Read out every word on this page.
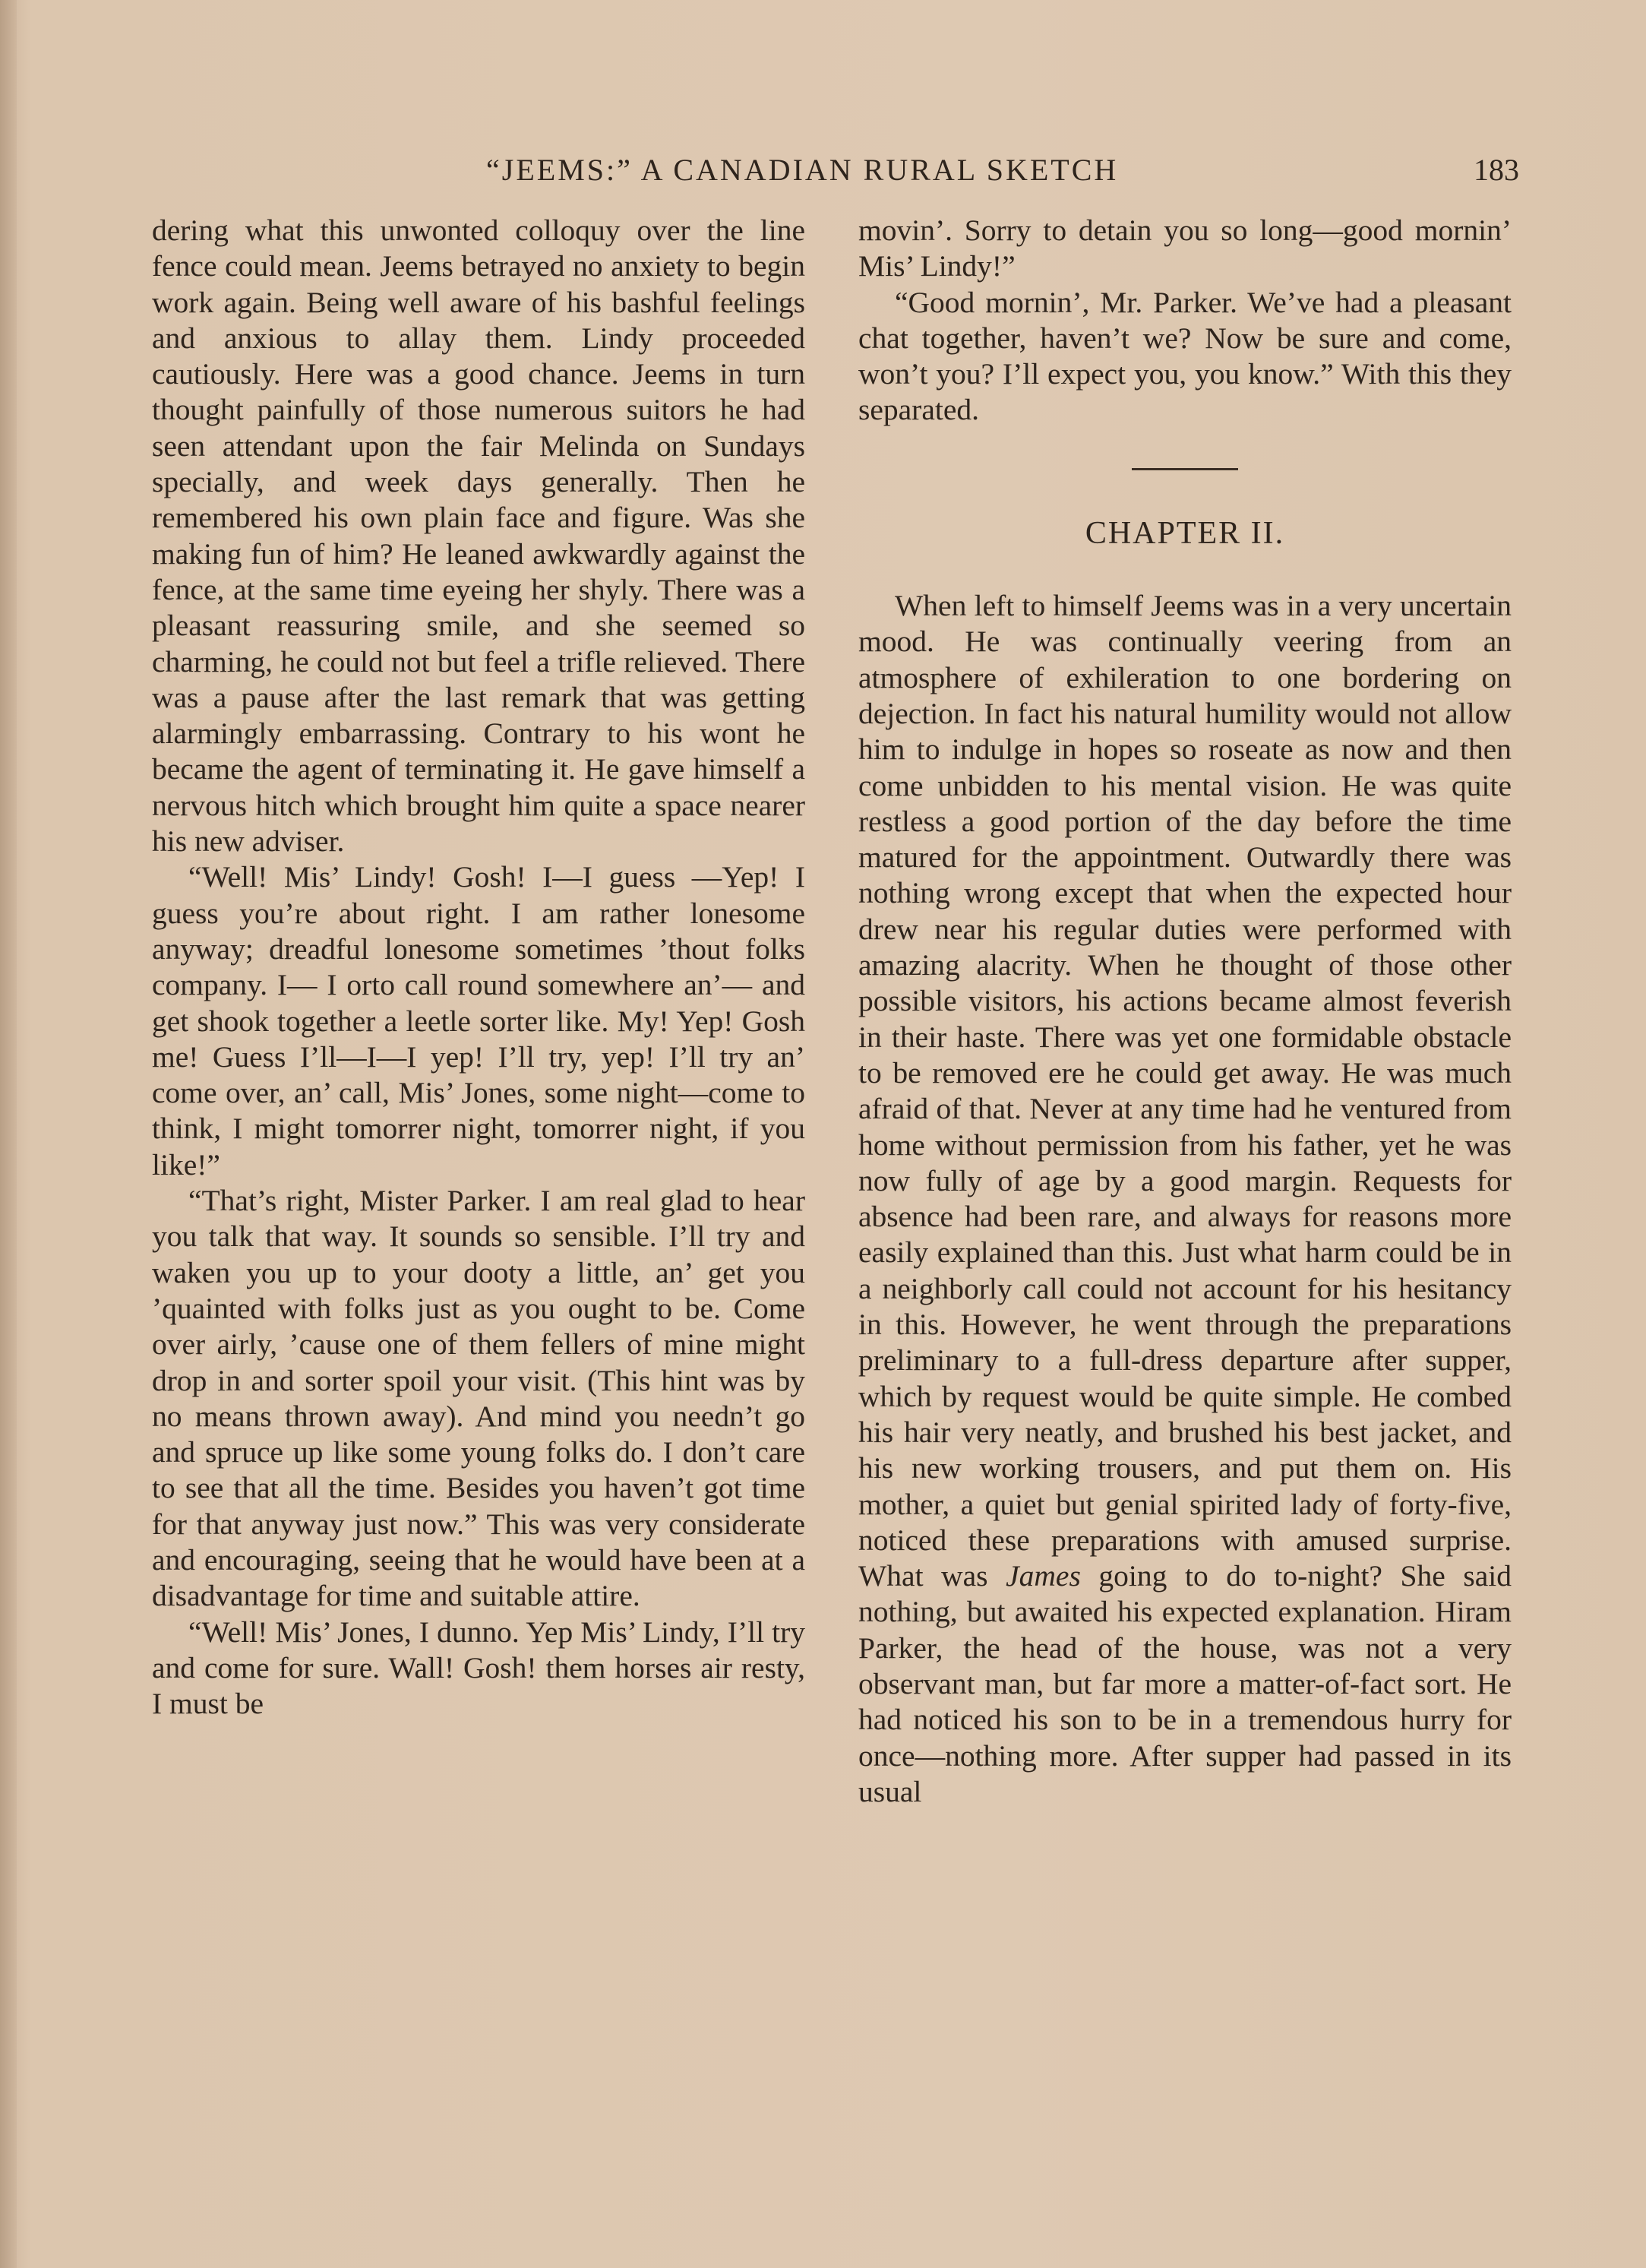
“JEEMS:” A CANADIAN RURAL SKETCH	183

dering what this unwonted colloquy over the line fence could mean. Jeems betrayed no anxiety to begin work again. Being well aware of his bashful feelings and anxious to allay them. Lindy proceeded cautiously. Here was a good chance. Jeems in turn thought painfully of those numerous suitors he had seen attendant upon the fair Melinda on Sundays specially, and week days generally. Then he remembered his own plain face and figure. Was she making fun of him? He leaned awkwardly against the fence, at the same time eyeing her shyly. There was a pleasant reassuring smile, and she seemed so charming, he could not but feel a trifle relieved. There was a pause after the last remark that was getting alarmingly embarrassing. Contrary to his wont he became the agent of terminating it. He gave himself a nervous hitch which brought him quite a space nearer his new adviser.

“Well! Mis’ Lindy! Gosh! I—I guess —Yep! I guess you’re about right. I am rather lonesome anyway; dreadful lonesome sometimes ’thout folks company. I— I orto call round somewhere an’— and get shook together a leetle sorter like. My! Yep! Gosh me! Guess I’ll—I—I yep! I’ll try, yep! I’ll try an’ come over, an’ call, Mis’ Jones, some night—come to think, I might tomorrer night, tomorrer night, if you like!”

“That’s right, Mister Parker. I am real glad to hear you talk that way. It sounds so sensible. I’ll try and waken you up to your dooty a little, an’ get you ’quainted with folks just as you ought to be. Come over airly, ’cause one of them fellers of mine might drop in and sorter spoil your visit. (This hint was by no means thrown away). And mind you needn’t go and spruce up like some young folks do. I don’t care to see that all the time. Besides you haven’t got time for that anyway just now.” This was very considerate and encouraging, seeing that he would have been at a disadvantage for time and suitable attire.

“Well! Mis’ Jones, I dunno. Yep Mis’ Lindy, I’ll try and come for sure. Wall! Gosh! them horses air resty, I must be

movin’. Sorry to detain you so long—good mornin’ Mis’ Lindy!”

“Good mornin’, Mr. Parker. We’ve had a pleasant chat together, haven’t we? Now be sure and come, won’t you? I’ll expect you, you know.” With this they separated.

CHAPTER II.

When left to himself Jeems was in a very uncertain mood. He was continually veering from an atmosphere of exhileration to one bordering on dejection. In fact his natural humility would not allow him to indulge in hopes so roseate as now and then come unbidden to his mental vision. He was quite restless a good portion of the day before the time matured for the appointment. Outwardly there was nothing wrong except that when the expected hour drew near his regular duties were performed with amazing alacrity. When he thought of those other possible visitors, his actions became almost feverish in their haste. There was yet one formidable obstacle to be removed ere he could get away. He was much afraid of that. Never at any time had he ventured from home without permission from his father, yet he was now fully of age by a good margin. Requests for absence had been rare, and always for reasons more easily explained than this. Just what harm could be in a neighborly call could not account for his hesitancy in this. However, he went through the preparations preliminary to a full-dress departure after supper, which by request would be quite simple. He combed his hair very neatly, and brushed his best jacket, and his new working trousers, and put them on. His mother, a quiet but genial spirited lady of forty-five, noticed these preparations with amused surprise. What was James going to do to-night? She said nothing, but awaited his expected explanation. Hiram Parker, the head of the house, was not a very observant man, but far more a matter-of-fact sort. He had noticed his son to be in a tremendous hurry for once—nothing more. After supper had passed in its usual
